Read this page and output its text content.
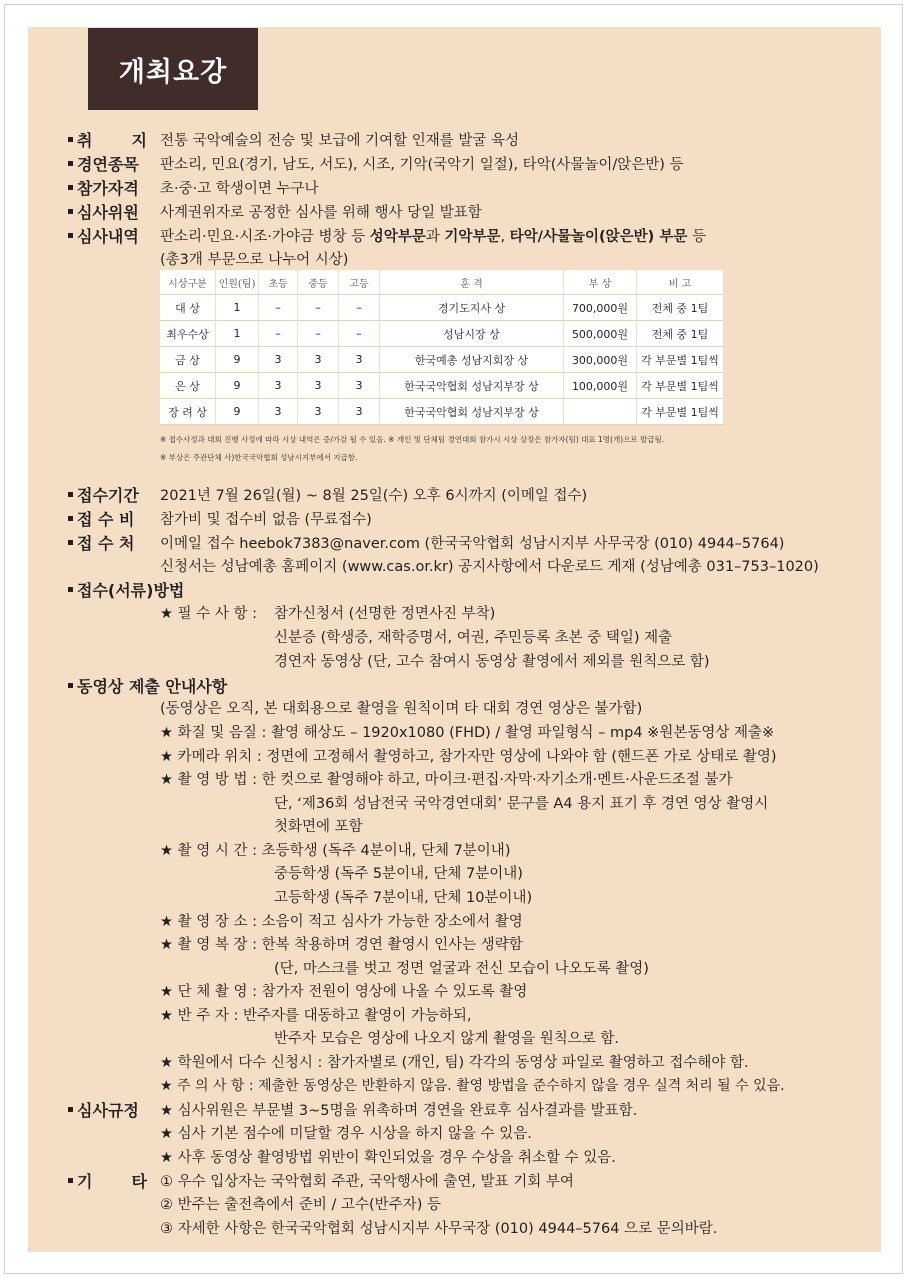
개최요강
취       지 전통 국악예술의 전승 및 보급에 기여할 인재를 발굴 육성
경연종목 판소리, 민요(경기, 남도, 서도), 시조, 기악(국악기 일절), 타악(사물놀이/앉은반) 등
참가자격 초·중·고 학생이면 누구나
심사위원 사계권위자로 공정한 심사를 위해 행사 당일 발표함
심사내역 판소리·민요·시조·가야금 병창 등 성악부문과 기악부문, 타악/사물놀이(앉은반) 부문 등
(총3개 부문으로 나누어 시상)
시상구분	인원(팀)	초등	중등	고등	훈 격	부 상	비 고
대 상	1	–	–	–	경기도지사 상	700,000원	전체 중 1팀
최우수상	1	–	–	–	성남시장 상	500,000원	전체 중 1팀
금 상	9	3	3	3	한국예총 성남지회장 상	300,000원	각 부문별 1팀씩
은 상	9	3	3	3	한국국악협회 성남지부장 상	100,000원	각 부문별 1팀씩
장 려 상	9	3	3	3	한국국악협회 성남지부장 상		각 부문별 1팀씩
※ 접수사정과 대회 진행 사정에 따라 시상 내역은 증/가감 될 수 있음. ※ 개인 및 단체팀 경연대회 참가시 시상 상장은 참가자(팀) 대표 1명(개)으로 발급됨.
※ 부상은 주관단체 사)한국국악협회 성남시지부에서 지급함.
접수기간 2021년 7월 26일(월) ~ 8월 25일(수) 오후 6시까지 (이메일 접수)
접 수 비 참가비 및 접수비 없음 (무료접수)
접 수 처 이메일 접수 heebok7383@naver.com (한국국악협회 성남시지부 사무국장 (010) 4944–5764)
신청서는 성남예총 홈페이지 (www.cas.or.kr) 공지사항에서 다운로드 게재 (성남예총 031–753–1020)
접수(서류)방법
★ 필 수 사 항 : 참가신청서 (선명한 정면사진 부착)
신분증 (학생증, 재학증명서, 여권, 주민등록 초본 중 택일) 제출
경연자 동영상 (단, 고수 참여시 동영상 촬영에서 제외를 원칙으로 함)
동영상 제출 안내사항
(동영상은 오직, 본 대회용으로 촬영을 원칙이며 타 대회 경연 영상은 불가함)
★ 화질 및 음질 : 촬영 해상도 – 1920x1080 (FHD) / 촬영 파일형식 – mp4 ※원본동영상 제출※
★ 카메라 위치 : 정면에 고정해서 촬영하고, 참가자만 영상에 나와야 함 (핸드폰 가로 상태로 촬영)
★ 촬 영 방 법 : 한 컷으로 촬영해야 하고, 마이크·편집·자막·자기소개·멘트·사운드조절 불가
단, ‘제36회 성남전국 국악경연대회’ 문구를 A4 용지 표기 후 경연 영상 촬영시
첫화면에 포함
★ 촬 영 시 간 : 초등학생 (독주 4분이내, 단체 7분이내)
중등학생 (독주 5분이내, 단체 7분이내)
고등학생 (독주 7분이내, 단체 10분이내)
★ 촬 영 장 소 : 소음이 적고 심사가 가능한 장소에서 촬영
★ 촬 영 복 장 : 한복 착용하며 경연 촬영시 인사는 생략함
(단, 마스크를 벗고 정면 얼굴과 전신 모습이 나오도록 촬영)
★ 단 체 촬 영 : 참가자 전원이 영상에 나올 수 있도록 촬영
★ 반 주 자 : 반주자를 대동하고 촬영이 가능하되,
반주자 모습은 영상에 나오지 않게 촬영을 원칙으로 함.
★ 학원에서 다수 신청시 : 참가자별로 (개인, 팀) 각각의 동영상 파일로 촬영하고 접수해야 함.
★ 주 의 사 항 : 제출한 동영상은 반환하지 않음. 촬영 방법을 준수하지 않을 경우 실격 처리 될 수 있음.
심사규정 ★ 심사위원은 부문별 3~5명을 위촉하며 경연을 완료후 심사결과를 발표함.
★ 심사 기본 점수에 미달할 경우 시상을 하지 않을 수 있음.
★ 사후 동영상 촬영방법 위반이 확인되었을 경우 수상을 취소할 수 있음.
기       타 ① 우수 입상자는 국악협회 주관, 국악행사에 출연, 발표 기회 부여
② 반주는 출전측에서 준비 / 고수(반주자) 등
③ 자세한 사항은 한국국악협회 성남시지부 사무국장 (010) 4944–5764 으로 문의바람.
